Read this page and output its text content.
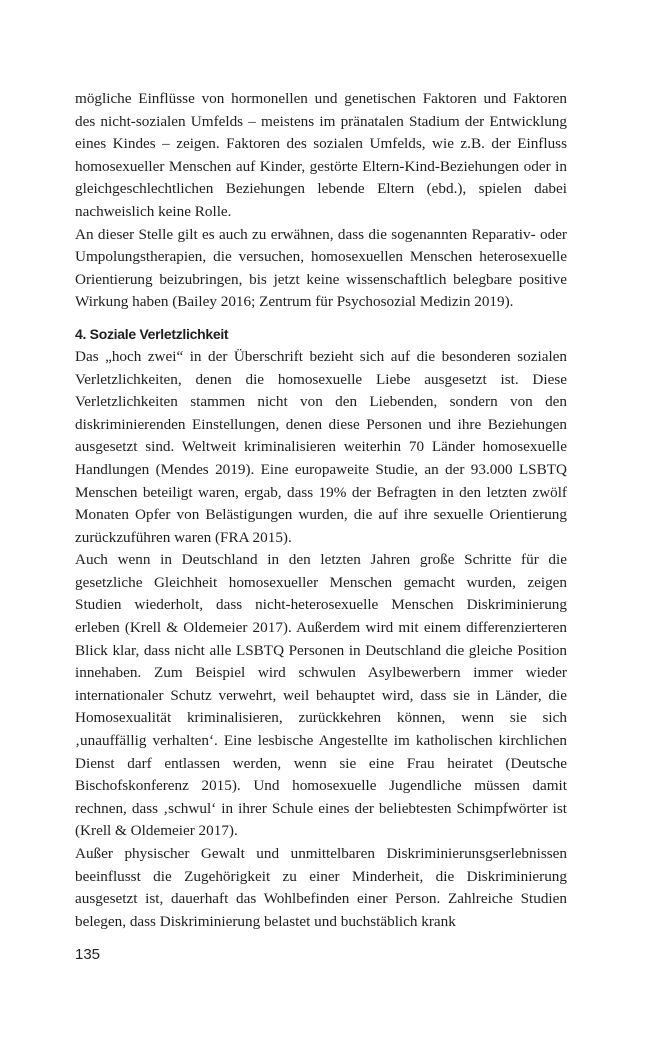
mögliche Einflüsse von hormonellen und genetischen Faktoren und Faktoren des nicht-sozialen Umfelds – meistens im pränatalen Stadium der Entwicklung eines Kindes – zeigen. Faktoren des sozialen Umfelds, wie z.B. der Einfluss homosexueller Menschen auf Kinder, gestörte Eltern-Kind-Beziehungen oder in gleichgeschlechtlichen Beziehungen lebende Eltern (ebd.), spielen dabei nachweislich keine Rolle.

An dieser Stelle gilt es auch zu erwähnen, dass die sogenannten Reparativ- oder Umpolungstherapien, die versuchen, homosexuellen Menschen heterosexuelle Orientierung beizubringen, bis jetzt keine wissenschaftlich belegbare positive Wirkung haben (Bailey 2016; Zentrum für Psychosozial Medizin 2019).

4. Soziale Verletzlichkeit

Das „hoch zwei“ in der Überschrift bezieht sich auf die besonderen sozialen Verletzlichkeiten, denen die homosexuelle Liebe ausgesetzt ist. Diese Verletzlichkeiten stammen nicht von den Liebenden, sondern von den diskriminierenden Einstellungen, denen diese Personen und ihre Beziehungen ausgesetzt sind. Weltweit kriminalisieren weiterhin 70 Länder homosexuelle Handlungen (Mendes 2019). Eine europaweite Studie, an der 93.000 LSBTQ Menschen beteiligt waren, ergab, dass 19% der Befragten in den letzten zwölf Monaten Opfer von Belästigungen wurden, die auf ihre sexuelle Orientierung zurückzuführen waren (FRA 2015).

Auch wenn in Deutschland in den letzten Jahren große Schritte für die gesetzliche Gleichheit homosexueller Menschen gemacht wurden, zeigen Studien wiederholt, dass nicht-heterosexuelle Menschen Diskriminierung erleben (Krell & Oldemeier 2017). Außerdem wird mit einem differenzierteren Blick klar, dass nicht alle LSBTQ Personen in Deutschland die gleiche Position innehaben. Zum Beispiel wird schwulen Asylbewerbern immer wieder internationaler Schutz verwehrt, weil behauptet wird, dass sie in Länder, die Homosexualität kriminalisieren, zurückkehren können, wenn sie sich ‚unauffällig verhalten‘. Eine lesbische Angestellte im katholischen kirchlichen Dienst darf entlassen werden, wenn sie eine Frau heiratet (Deutsche Bischofskonferenz 2015). Und homosexuelle Jugendliche müssen damit rechnen, dass ‚schwul‘ in ihrer Schule eines der beliebtesten Schimpfwörter ist (Krell & Oldemeier 2017).

Außer physischer Gewalt und unmittelbaren Diskriminierunsgserlebnissen beeinflusst die Zugehörigkeit zu einer Minderheit, die Diskriminierung ausgesetzt ist, dauerhaft das Wohlbefinden einer Person. Zahlreiche Studien belegen, dass Diskriminierung belastet und buchstäblich krank

135
